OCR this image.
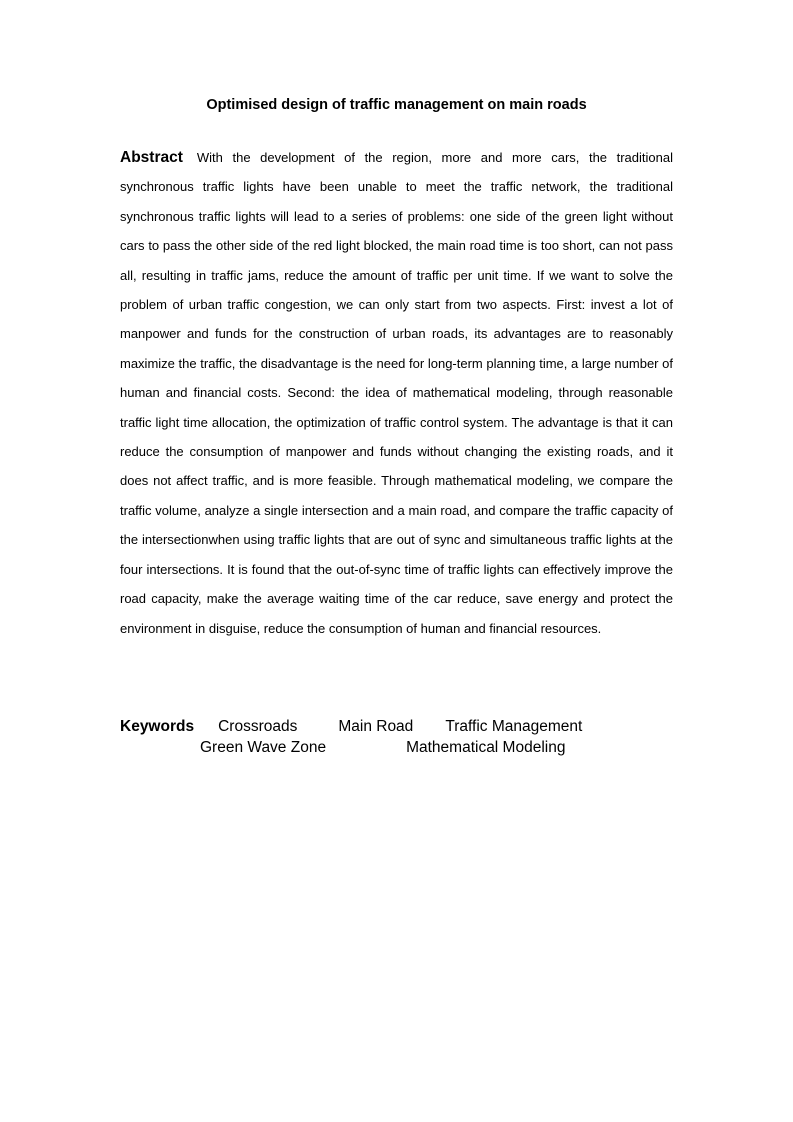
Optimised design of traffic management on main roads
Abstract With the development of the region, more and more cars, the traditional synchronous traffic lights have been unable to meet the traffic network, the traditional synchronous traffic lights will lead to a series of problems: one side of the green light without cars to pass the other side of the red light blocked, the main road time is too short, can not pass all, resulting in traffic jams, reduce the amount of traffic per unit time. If we want to solve the problem of urban traffic congestion, we can only start from two aspects. First: invest a lot of manpower and funds for the construction of urban roads, its advantages are to reasonably maximize the traffic, the disadvantage is the need for long-term planning time, a large number of human and financial costs. Second: the idea of mathematical modeling, through reasonable traffic light time allocation, the optimization of traffic control system. The advantage is that it can reduce the consumption of manpower and funds without changing the existing roads, and it does not affect traffic, and is more feasible. Through mathematical modeling, we compare the traffic volume, analyze a single intersection and a main road, and compare the traffic capacity of the intersectionwhen using traffic lights that are out of sync and simultaneous traffic lights at the four intersections. It is found that the out-of-sync time of traffic lights can effectively improve the road capacity, make the average waiting time of the car reduce, save energy and protect the environment in disguise, reduce the consumption of human and financial resources.
Keywords Crossroads	Main Road Traffic Management
Green Wave Zone	Mathematical Modeling
